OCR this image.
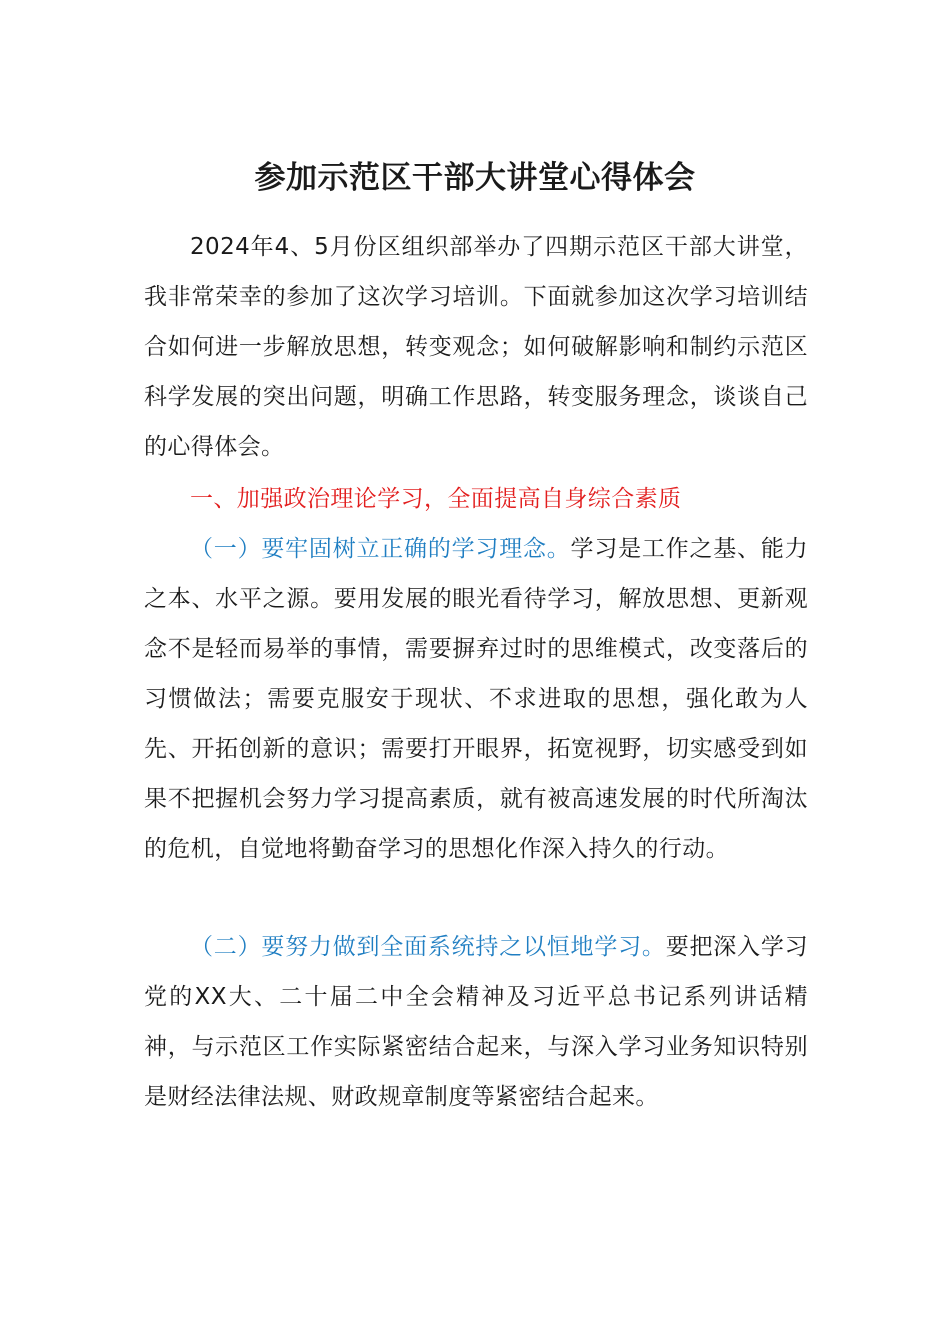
参加示范区干部大讲堂心得体会

2024年4、5月份区组织部举办了四期示范区干部大讲堂，我非常荣幸的参加了这次学习培训。下面就参加这次学习培训结合如何进一步解放思想，转变观念；如何破解影响和制约示范区科学发展的突出问题，明确工作思路，转变服务理念，谈谈自己的心得体会。

一、加强政治理论学习，全面提高自身综合素质

（一）要牢固树立正确的学习理念。学习是工作之基、能力之本、水平之源。要用发展的眼光看待学习，解放思想、更新观念不是轻而易举的事情，需要摒弃过时的思维模式，改变落后的习惯做法；需要克服安于现状、不求进取的思想，强化敢为人先、开拓创新的意识；需要打开眼界，拓宽视野，切实感受到如果不把握机会努力学习提高素质，就有被高速发展的时代所淘汰的危机，自觉地将勤奋学习的思想化作深入持久的行动。

（二）要努力做到全面系统持之以恒地学习。要把深入学习党的XX大、二十届二中全会精神及习近平总书记系列讲话精神，与示范区工作实际紧密结合起来，与深入学习业务知识特别是财经法律法规、财政规章制度等紧密结合起来。
